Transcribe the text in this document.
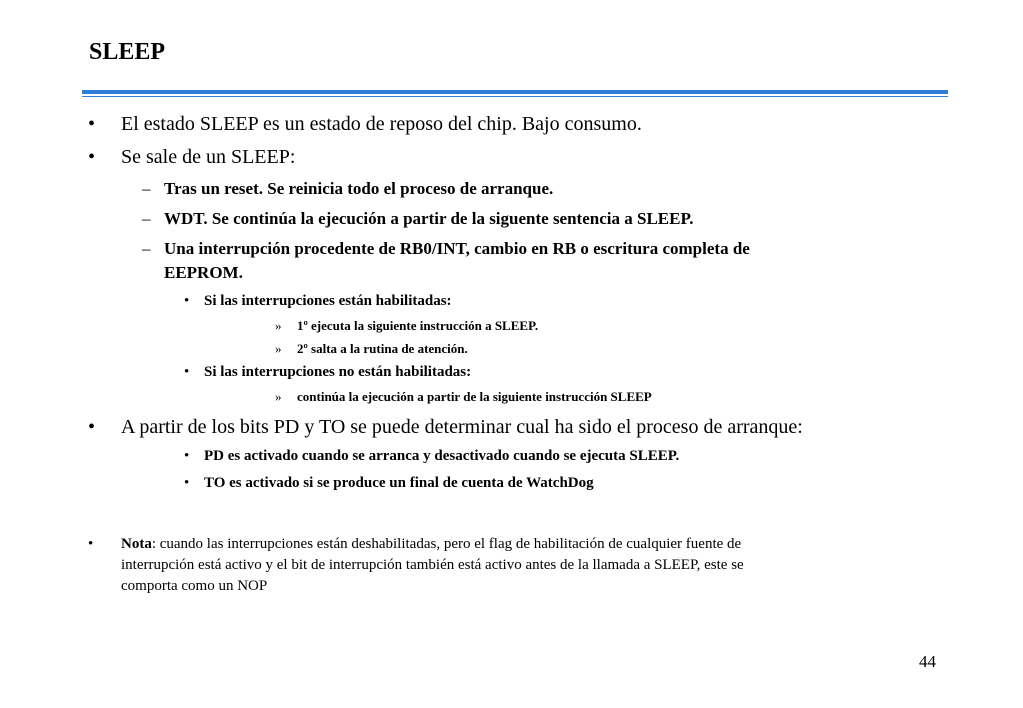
SLEEP
• El estado SLEEP es un estado de reposo del chip. Bajo consumo.
• Se sale de un SLEEP:
– Tras un reset. Se reinicia todo el proceso de arranque.
– WDT. Se continúa la ejecución a partir de la siguente sentencia a SLEEP.
– Una interrupción procedente de RB0/INT, cambio en RB o escritura completa de
EEPROM.
• Si las interrupciones están habilitadas:
» 1º ejecuta la siguiente instrucción a SLEEP.
» 2º salta a la rutina de atención.
• Si las interrupciones no están habilitadas:
» continúa la ejecución a partir de la siguiente instrucción SLEEP
• A partir de los bits PD y TO se puede determinar cual ha sido el proceso de arranque:
• PD es activado cuando se arranca y desactivado cuando se ejecuta SLEEP.
• TO es activado si se produce un final de cuenta de WatchDog
• Nota: cuando las interrupciones están deshabilitadas, pero el flag de habilitación de cualquier fuente de
interrupción está activo y el bit de interrupción también está activo antes de la llamada a SLEEP, este se
comporta como un NOP
44
